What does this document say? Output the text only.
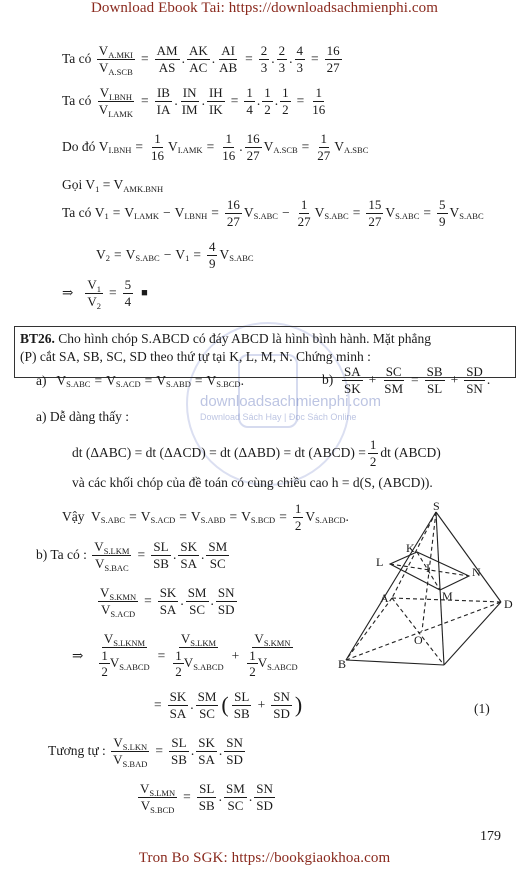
Download Ebook Tai: https://downloadsachmienphi.com
downloadsachmienphi.com
Download Sách Hay | Đọc Sách Online
Ta có
$\frac{V_{A.MKI}}{V_{A.SCB}} = \frac{AM}{AS}$ . $\frac{AK}{AC}$ . $\frac{AI}{AB} = \frac{2}{3}$ . $\frac{2}{3}$ . $\frac{4}{3} = \frac{16}{27}$
Ta có
$\frac{V_{I.BNH}}{V_{I.AMK}} = \frac{IB}{IA}$ . $\frac{IN}{IM}$ . $\frac{IH}{IK} = \frac{1}{4}$ . $\frac{1}{2}$ . $\frac{1}{2} = \frac{1}{16}$
Do đó V $I.BNH = \frac{1}{16}$ V $I.AMK = \frac{1}{16}$ . $\frac{16}{27}$ V $A.SCB = \frac{1}{27}$ V A.SBC
Gọi $V_1 = V_{AMK.BNH}$
Ta có V 1 = V I.AMK − V $I.BNH = \frac{16}{27}$ V $S.ABC - \frac{1}{27}$ V $S.ABC = \frac{15}{27}$ V $S.ABC = \frac{5}{9}$ V S.ABC
V 2 = V S.ABC − V $1 = \frac{4}{9}$ V S.ABC
⇒ $\frac{V_1}{V_2} = \frac{5}{4}$ ■
BT26. Cho hình chóp S.ABCD có đáy ABCD là hình bình hành. Mặt phẳng
(P) cắt SA, SB, SC, SD theo thứ tự tại K, L, M, N. Chứng minh :
a) V S.ABC = V S.ACD = V S.ABD = V S.BCD .	b)
$\frac{SA}{SK} + \frac{SC}{SM} = \frac{SB}{SL} + \frac{SD}{SN}$ .
a) Dễ dàng thấy :
dt (ΔABC) = dt (ΔACD) = dt (ΔABD) = dt (ABCD) = $\frac{1}{2}$ dt (ABCD)
và các khối chóp của đề toán có cùng chiều cao h = d(S, (ABCD)).
Vậy V S.ABC = V S.ACD = V S.ABD = V $S.BCD = \frac{1}{2}$ V S.ABCD .
b) Ta có :
$\frac{V_{S.LKM}}{V_{S.BAC}} = \frac{SL}{SB}$ . $\frac{SK}{SA}$ . $\frac{SM}{SC}$
$\frac{V_{S.KMN}}{V_{S.ACD}} = \frac{SK}{SA}$ . $\frac{SM}{SC}$ . $\frac{SN}{SD}$
⇒ $\frac{V_{S.LKNM}}{\frac{1}{2} V_{S.ABCD}} = \frac{V_{S.LKM}}{\frac{1}{2} V_{S.ABCD}} + \frac{V_{S.KMN}}{\frac{1}{2} V_{S.ABCD}}$
= $\frac{SK}{SA}$ . $\frac{SM}{SC}$ ( $\frac{SL}{SB} + \frac{SN}{SD}$ )	(1)
Tương tự :
$\frac{V_{S.LKN}}{V_{S.BAD}} = \frac{SL}{SB}$ . $\frac{SK}{SA}$ . $\frac{SN}{SD}$
$\frac{V_{S.LMN}}{V_{S.BCD}} = \frac{SL}{SB}$ . $\frac{SM}{SC}$ . $\frac{SN}{SD}$
S
K
L
N
M
A	D
O
I
B
179
Tron Bo SGK: https://bookgiaokhoa.com
